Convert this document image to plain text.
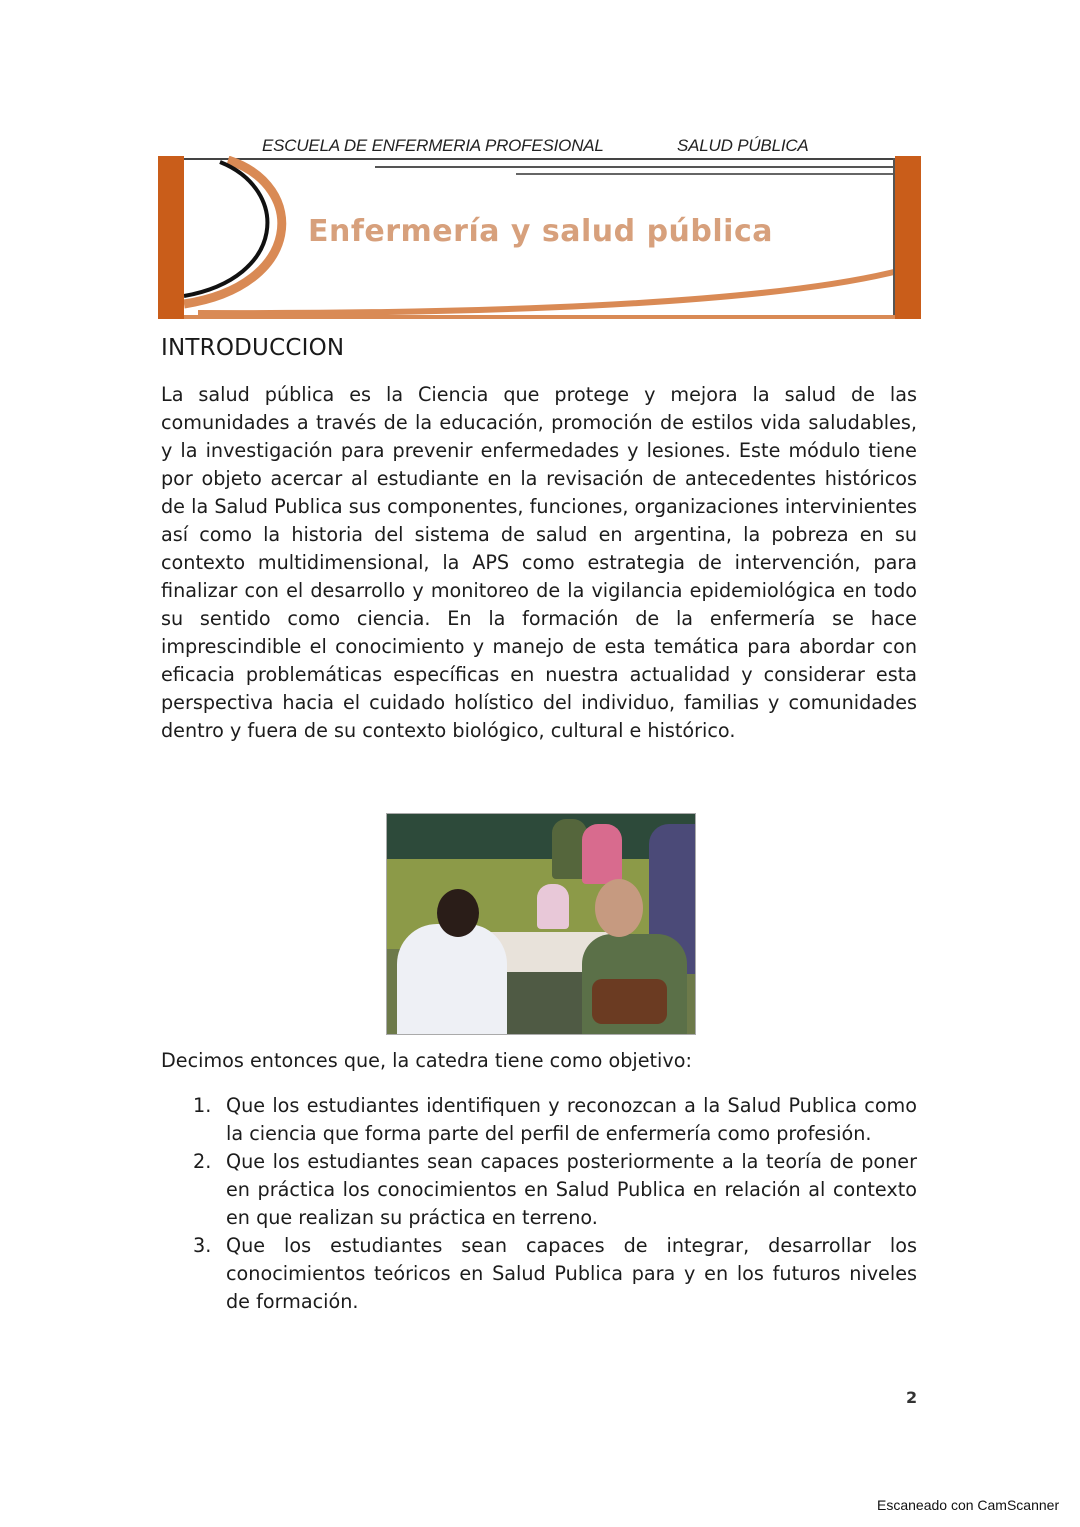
ESCUELA DE ENFERMERIA PROFESIONAL	SALUD PÚBLICA
Enfermería y salud pública
INTRODUCCION

La salud pública es la Ciencia que protege y mejora la salud de las comunidades a través de la educación, promoción de estilos vida saludables, y la investigación para prevenir enfermedades y lesiones. Este módulo tiene por objeto acercar al estudiante en la revisación de antecedentes históricos de la Salud Publica sus componentes, funciones, organizaciones intervinientes así como la historia del sistema de salud en argentina, la pobreza en su contexto multidimensional, la APS como estrategia de intervención, para finalizar con el desarrollo y monitoreo de la vigilancia epidemiológica en todo su sentido como ciencia. En la formación de la enfermería se hace imprescindible el conocimiento y manejo de esta temática para abordar con eficacia problemáticas específicas en nuestra actualidad y considerar esta perspectiva hacia el cuidado holístico del individuo, familias y comunidades dentro y fuera de su contexto biológico, cultural e histórico.

Decimos entonces que, la catedra tiene como objetivo:
1. Que los estudiantes identifiquen y reconozcan a la Salud Publica como la ciencia que forma parte del perfil de enfermería como profesión.
2. Que los estudiantes sean capaces posteriormente a la teoría de poner en práctica los conocimientos en Salud Publica en relación al contexto en que realizan su práctica en terreno.
3. Que los estudiantes sean capaces de integrar, desarrollar los conocimientos teóricos en Salud Publica para y en los futuros niveles de formación.
2
Escaneado con CamScanner
